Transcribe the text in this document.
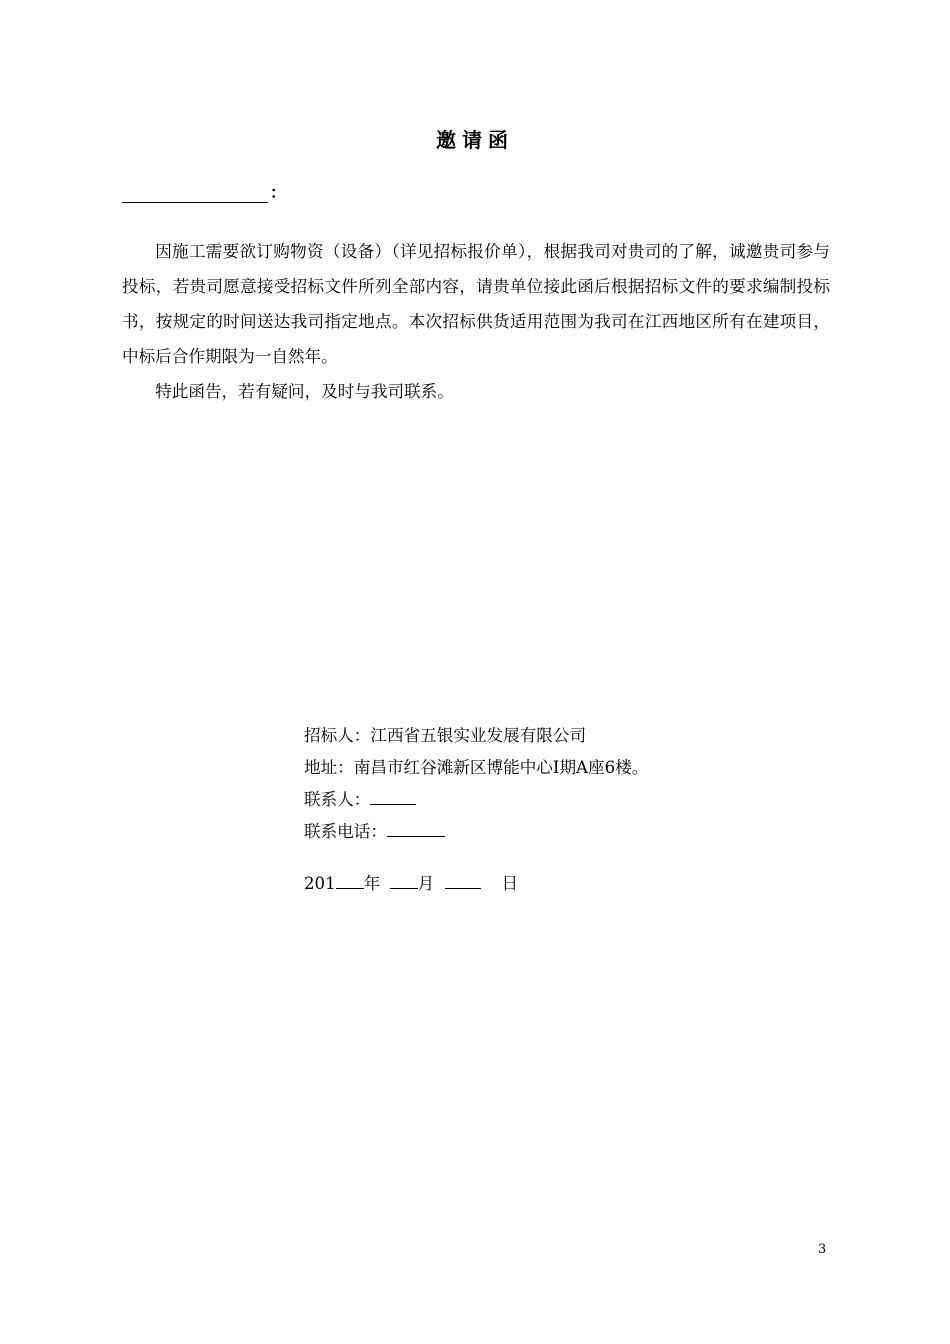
邀请函
：

因施工需要欲订购物资（设备）（详见招标报价单），根据我司对贵司的了解，诚邀贵司参与投标，若贵司愿意接受招标文件所列全部内容，请贵单位接此函后根据招标文件的要求编制投标书，按规定的时间送达我司指定地点。本次招标供货适用范围为我司在江西地区所有在建项目，中标后合作期限为一自然年。

特此函告，若有疑问，及时与我司联系。

招标人：江西省五银实业发展有限公司
地址：南昌市红谷滩新区博能中心Ⅰ期A座6楼。
联系人：
联系电话：
201 年 月	日
3
